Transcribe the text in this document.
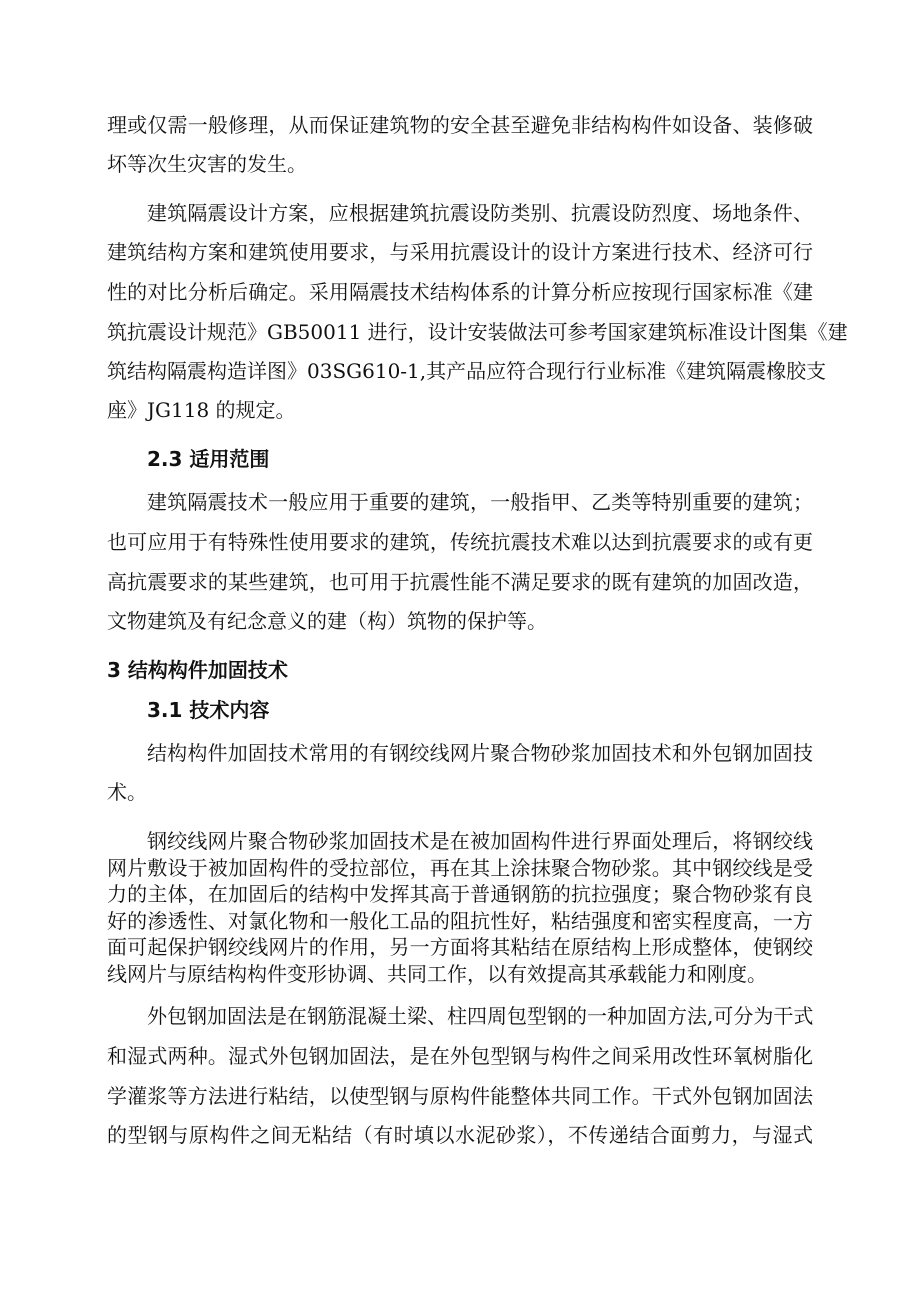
理或仅需一般修理，从而保证建筑物的安全甚至避免非结构构件如设备、装修破
坏等次生灾害的发生。
建筑隔震设计方案，应根据建筑抗震设防类别、抗震设防烈度、场地条件、
建筑结构方案和建筑使用要求，与采用抗震设计的设计方案进行技术、经济可行
性的对比分析后确定。采用隔震技术结构体系的计算分析应按现行国家标准《建
筑抗震设计规范》GB50011 进行，设计安装做法可参考国家建筑标准设计图集《建
筑结构隔震构造详图》03SG610-1,其产品应符合现行行业标准《建筑隔震橡胶支
座》JG118 的规定。
2.3 适用范围
建筑隔震技术一般应用于重要的建筑，一般指甲、乙类等特别重要的建筑；
也可应用于有特殊性使用要求的建筑，传统抗震技术难以达到抗震要求的或有更
高抗震要求的某些建筑，也可用于抗震性能不满足要求的既有建筑的加固改造，
文物建筑及有纪念意义的建（构）筑物的保护等。
3 结构构件加固技术
3.1 技术内容
结构构件加固技术常用的有钢绞线网片聚合物砂浆加固技术和外包钢加固技
术。
钢绞线网片聚合物砂浆加固技术是在被加固构件进行界面处理后，将钢绞线
网片敷设于被加固构件的受拉部位，再在其上涂抹聚合物砂浆。其中钢绞线是受
力的主体，在加固后的结构中发挥其高于普通钢筋的抗拉强度；聚合物砂浆有良
好的渗透性、对氯化物和一般化工品的阻抗性好，粘结强度和密实程度高，一方
面可起保护钢绞线网片的作用，另一方面将其粘结在原结构上形成整体，使钢绞
线网片与原结构构件变形协调、共同工作，以有效提高其承载能力和刚度。
外包钢加固法是在钢筋混凝土梁、柱四周包型钢的一种加固方法,可分为干式
和湿式两种。湿式外包钢加固法，是在外包型钢与构件之间采用改性环氧树脂化
学灌浆等方法进行粘结，以使型钢与原构件能整体共同工作。干式外包钢加固法
的型钢与原构件之间无粘结（有时填以水泥砂浆），不传递结合面剪力，与湿式
